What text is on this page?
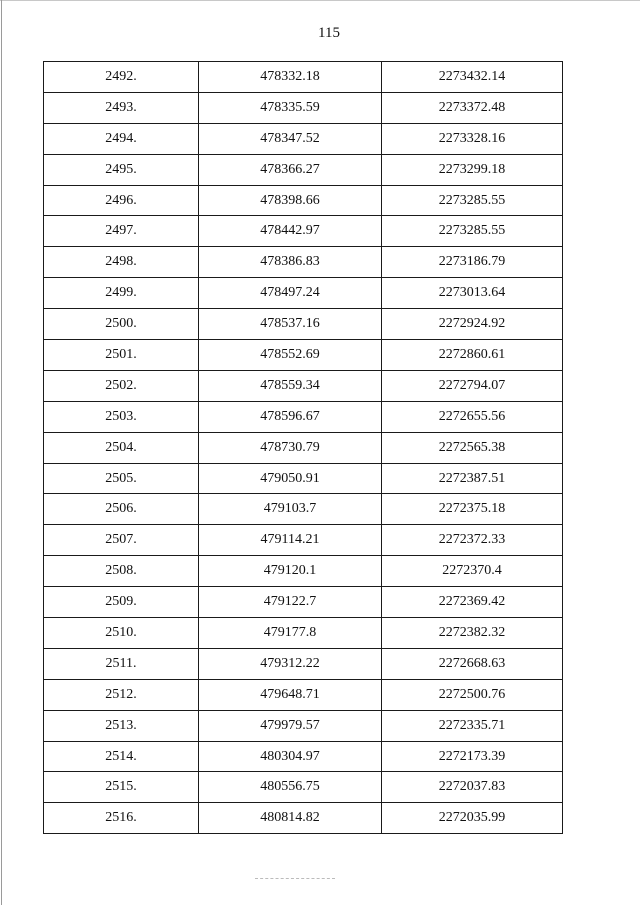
115
2492.	478332.18	2273432.14
2493.	478335.59	2273372.48
2494.	478347.52	2273328.16
2495.	478366.27	2273299.18
2496.	478398.66	2273285.55
2497.	478442.97	2273285.55
2498.	478386.83	2273186.79
2499.	478497.24	2273013.64
2500.	478537.16	2272924.92
2501.	478552.69	2272860.61
2502.	478559.34	2272794.07
2503.	478596.67	2272655.56
2504.	478730.79	2272565.38
2505.	479050.91	2272387.51
2506.	479103.7	2272375.18
2507.	479114.21	2272372.33
2508.	479120.1	2272370.4
2509.	479122.7	2272369.42
2510.	479177.8	2272382.32
2511.	479312.22	2272668.63
2512.	479648.71	2272500.76
2513.	479979.57	2272335.71
2514.	480304.97	2272173.39
2515.	480556.75	2272037.83
2516.	480814.82	2272035.99
